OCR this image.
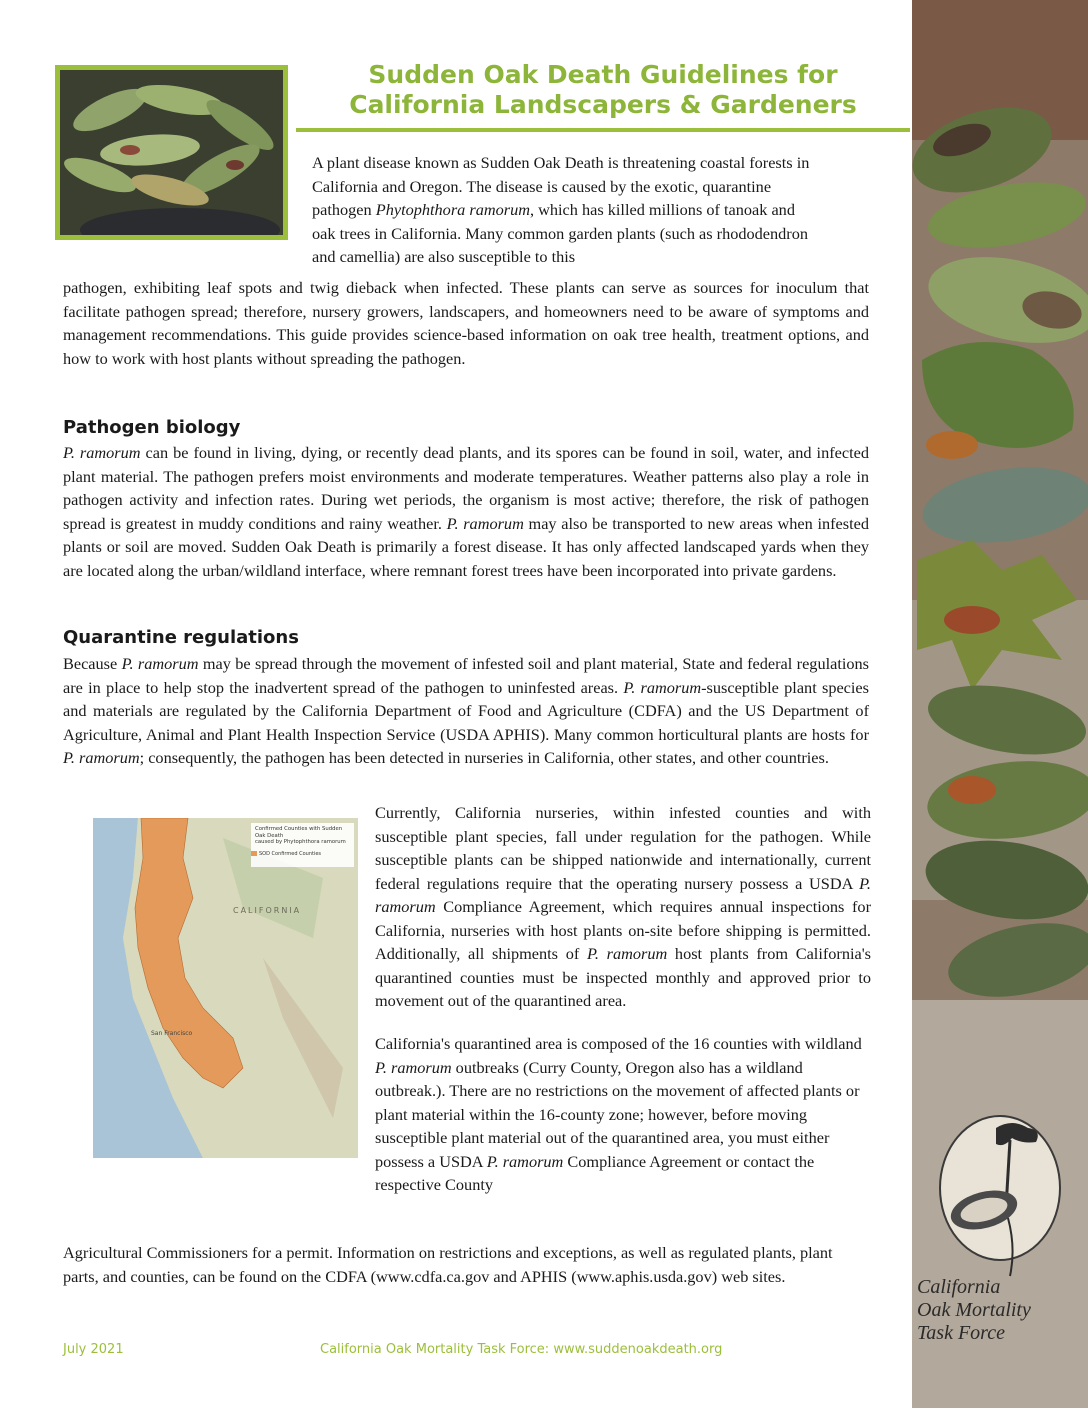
Sudden Oak Death Guidelines for
California Landscapers & Gardeners

A plant disease known as Sudden Oak Death is threatening coastal forests in California and Oregon. The disease is caused by the exotic, quarantine pathogen Phytophthora ramorum, which has killed millions of tanoak and oak trees in California. Many common garden plants (such as rhododendron and camellia) are also susceptible to this

pathogen, exhibiting leaf spots and twig dieback when infected. These plants can serve as sources for inoculum that facilitate pathogen spread; therefore, nursery growers, landscapers, and homeowners need to be aware of symptoms and management recommendations. This guide provides science-based information on oak tree health, treatment options, and how to work with host plants without spreading the pathogen.

Pathogen biology

P. ramorum can be found in living, dying, or recently dead plants, and its spores can be found in soil, water, and infected plant material. The pathogen prefers moist environments and moderate temperatures. Weather patterns also play a role in pathogen activity and infection rates. During wet periods, the organism is most active; therefore, the risk of pathogen spread is greatest in muddy conditions and rainy weather. P. ramorum may also be transported to new areas when infested plants or soil are moved. Sudden Oak Death is primarily a forest disease. It has only affected landscaped yards when they are located along the urban/wildland interface, where remnant forest trees have been incorporated into private gardens.

Quarantine regulations

Because P. ramorum may be spread through the movement of infested soil and plant material, State and federal regulations are in place to help stop the inadvertent spread of the pathogen to uninfested areas. P. ramorum-susceptible plant species and materials are regulated by the California Department of Food and Agriculture (CDFA) and the US Department of Agriculture, Animal and Plant Health Inspection Service (USDA APHIS). Many common horticultural plants are hosts for P. ramorum; consequently, the pathogen has been detected in nurseries in California, other states, and other countries.

Confirmed Counties with Sudden Oak Death
caused by Phytophthora ramorum
SOD Confirmed Counties
CALIFORNIA
San Francisco

Currently, California nurseries, within infested counties and with susceptible plant species, fall under regulation for the pathogen. While susceptible plants can be shipped nationwide and internationally, current federal regulations require that the operating nursery possess a USDA P. ramorum Compliance Agreement, which requires annual inspections for California, nurseries with host plants on-site before shipping is permitted. Additionally, all shipments of P. ramorum host plants from California's quarantined counties must be inspected monthly and approved prior to movement out of the quarantined area.

California's quarantined area is composed of the 16 counties with wildland P. ramorum outbreaks (Curry County, Oregon also has a wildland outbreak.). There are no restrictions on the movement of affected plants or plant material within the 16-county zone; however, before moving susceptible plant material out of the quarantined area, you must either possess a USDA P. ramorum Compliance Agreement or contact the respective County

Agricultural Commissioners for a permit. Information on restrictions and exceptions, as well as regulated plants, plant parts, and counties, can be found on the CDFA (www.cdfa.ca.gov and APHIS (www.aphis.usda.gov) web sites.	California
Oak Mortality
Task Force
July 2021	California Oak Mortality Task Force: www.suddenoakdeath.org
